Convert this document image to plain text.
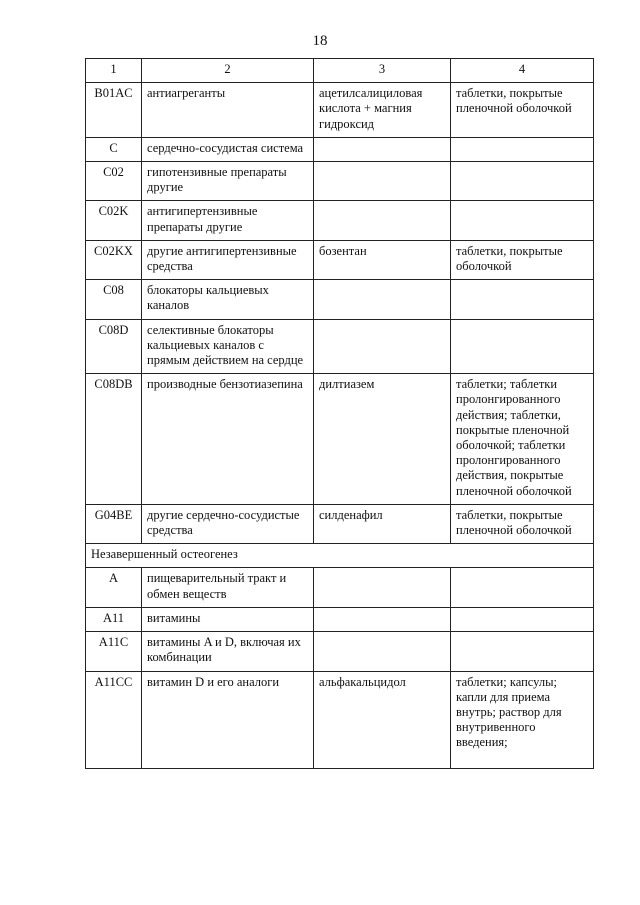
18
1	2	3	4
B01AC	антиагреганты	ацетилсалициловая кислота + магния гидроксид	таблетки, покрытые пленочной оболочкой
C	сердечно-сосудистая система		
C02	гипотензивные препараты другие		
C02K	антигипертензивные препараты другие		
C02KX	другие антигипертензивные средства	бозентан	таблетки, покрытые оболочкой
C08	блокаторы кальциевых каналов		
C08D	селективные блокаторы кальциевых каналов с прямым действием на сердце		
C08DB	производные бензотиазепина	дилтиазем	таблетки; таблетки пролонгированного действия; таблетки, покрытые пленочной оболочкой; таблетки пролонгированного действия, покрытые пленочной оболочкой
G04BE	другие сердечно-сосудистые средства	силденафил	таблетки, покрытые пленочной оболочкой
Незавершенный остеогенез			
A	пищеварительный тракт и обмен веществ		
A11	витамины		
A11C	витамины A и D, включая их комбинации		
A11CC	витамин D и его аналоги	альфакальцидол	таблетки; капсулы; капли для приема внутрь; раствор для внутривенного введения;
